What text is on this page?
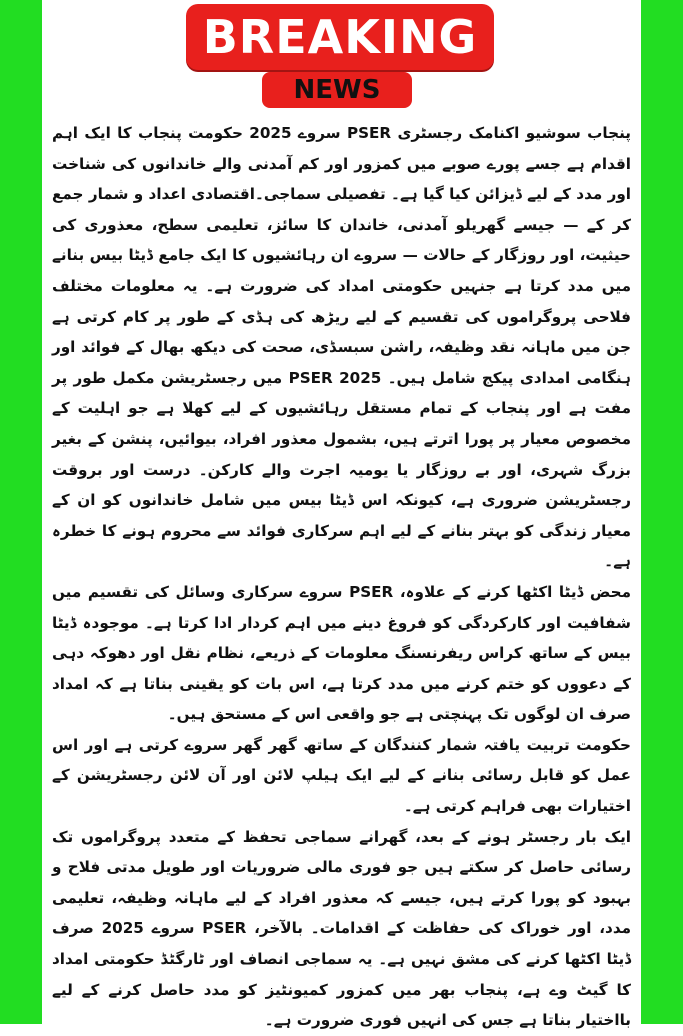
BREAKING
NEWS

پنجاب سوشیو اکنامک رجسٹری PSER سروے 2025 حکومت پنجاب کا ایک اہم اقدام ہے جسے پورے صوبے میں کمزور اور کم آمدنی والے خاندانوں کی شناخت اور مدد کے لیے ڈیزائن کیا گیا ہے۔ تفصیلی سماجی۔اقتصادی اعداد و شمار جمع کر کے — جیسے گھریلو آمدنی، خاندان کا سائز، تعلیمی سطح، معذوری کی حیثیت، اور روزگار کے حالات — سروے ان رہائشیوں کا ایک جامع ڈیٹا بیس بنانے میں مدد کرتا ہے جنہیں حکومتی امداد کی ضرورت ہے۔ یہ معلومات مختلف فلاحی پروگراموں کی تقسیم کے لیے ریڑھ کی ہڈی کے طور پر کام کرتی ہے جن میں ماہانہ نقد وظیفہ، راشن سبسڈی، صحت کی دیکھ بھال کے فوائد اور ہنگامی امدادی پیکج شامل ہیں۔ PSER 2025 میں رجسٹریشن مکمل طور پر مفت ہے اور پنجاب کے تمام مستقل رہائشیوں کے لیے کھلا ہے جو اہلیت کے مخصوص معیار پر پورا اترتے ہیں، بشمول معذور افراد، بیوائیں، پنشن کے بغیر بزرگ شہری، اور بے روزگار یا یومیہ اجرت والے کارکن۔ درست اور بروقت رجسٹریشن ضروری ہے، کیونکہ اس ڈیٹا بیس میں شامل خاندانوں کو ان کے معیار زندگی کو بہتر بنانے کے لیے اہم سرکاری فوائد سے محروم ہونے کا خطرہ ہے۔

محض ڈیٹا اکٹھا کرنے کے علاوہ، PSER سروے سرکاری وسائل کی تقسیم میں شفافیت اور کارکردگی کو فروغ دینے میں اہم کردار ادا کرتا ہے۔ موجودہ ڈیٹا بیس کے ساتھ کراس ریفرنسنگ معلومات کے ذریعے، نظام نقل اور دھوکہ دہی کے دعووں کو ختم کرنے میں مدد کرتا ہے، اس بات کو یقینی بناتا ہے کہ امداد صرف ان لوگوں تک پہنچتی ہے جو واقعی اس کے مستحق ہیں۔

حکومت تربیت یافتہ شمار کنندگان کے ساتھ گھر گھر سروے کرتی ہے اور اس عمل کو قابل رسائی بنانے کے لیے ایک ہیلپ لائن اور آن لائن رجسٹریشن کے اختیارات بھی فراہم کرتی ہے۔

ایک بار رجسٹر ہونے کے بعد، گھرانے سماجی تحفظ کے متعدد پروگراموں تک رسائی حاصل کر سکتے ہیں جو فوری مالی ضروریات اور طویل مدتی فلاح و بہبود کو پورا کرتے ہیں، جیسے کہ معذور افراد کے لیے ماہانہ وظیفہ، تعلیمی مدد، اور خوراک کی حفاظت کے اقدامات۔ بالآخر، PSER سروے 2025 صرف ڈیٹا اکٹھا کرنے کی مشق نہیں ہے۔ یہ سماجی انصاف اور ٹارگٹڈ حکومتی امداد کا گیٹ وے ہے، پنجاب بھر میں کمزور کمیونٹیز کو مدد حاصل کرنے کے لیے بااختیار بناتا ہے جس کی انہیں فوری ضرورت ہے۔
